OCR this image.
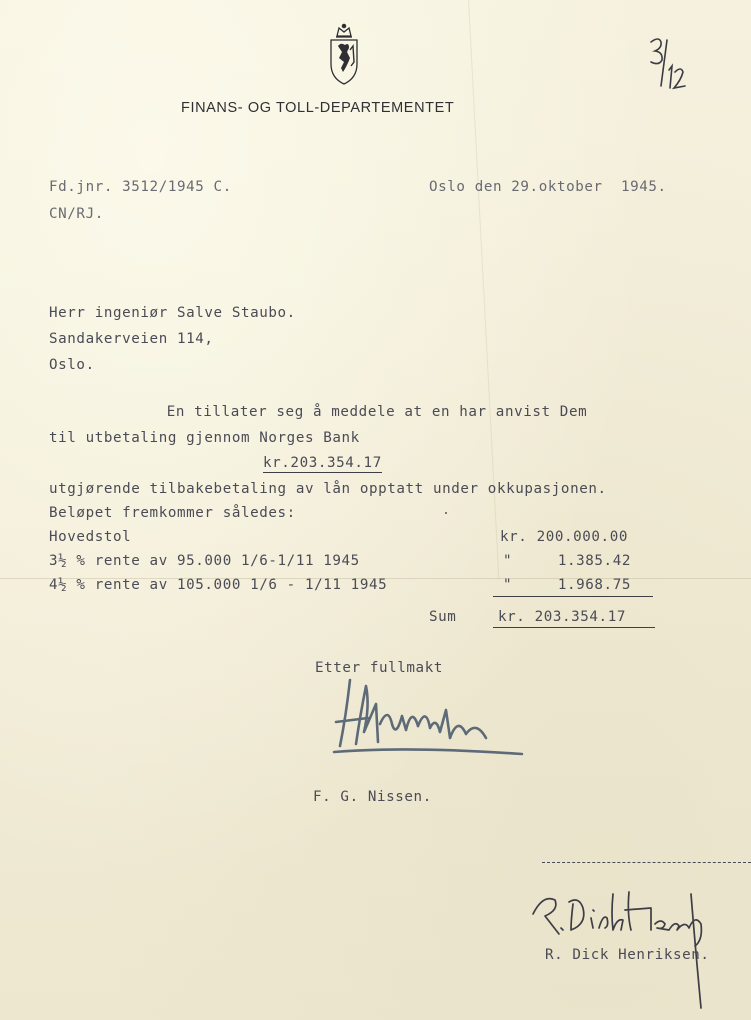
FINANS- OG TOLL-DEPARTEMENTET
Fd.jnr. 3512/1945 C.
CN/RJ.
Oslo den 29.oktober  1945.
Herr ingeniør Salve Staubo.
Sandakerveien 114,
Oslo.
En tillater seg å meddele at en har anvist Dem
til utbetaling gjennom Norges Bank
kr.203.354.17
utgjørende tilbakebetaling av lån opptatt under okkupasjonen.
Beløpet fremkommer således:
Hovedstol	kr. 200.000.00
3½ % rente av 95.000 1/6-1/11 1945	"     1.385.42
4½ % rente av 105.000 1/6 - 1/11 1945	"     1.968.75
Sum	kr. 203.354.17
Etter fullmakt
F. G. Nissen.
R. Dick Henriksen.
